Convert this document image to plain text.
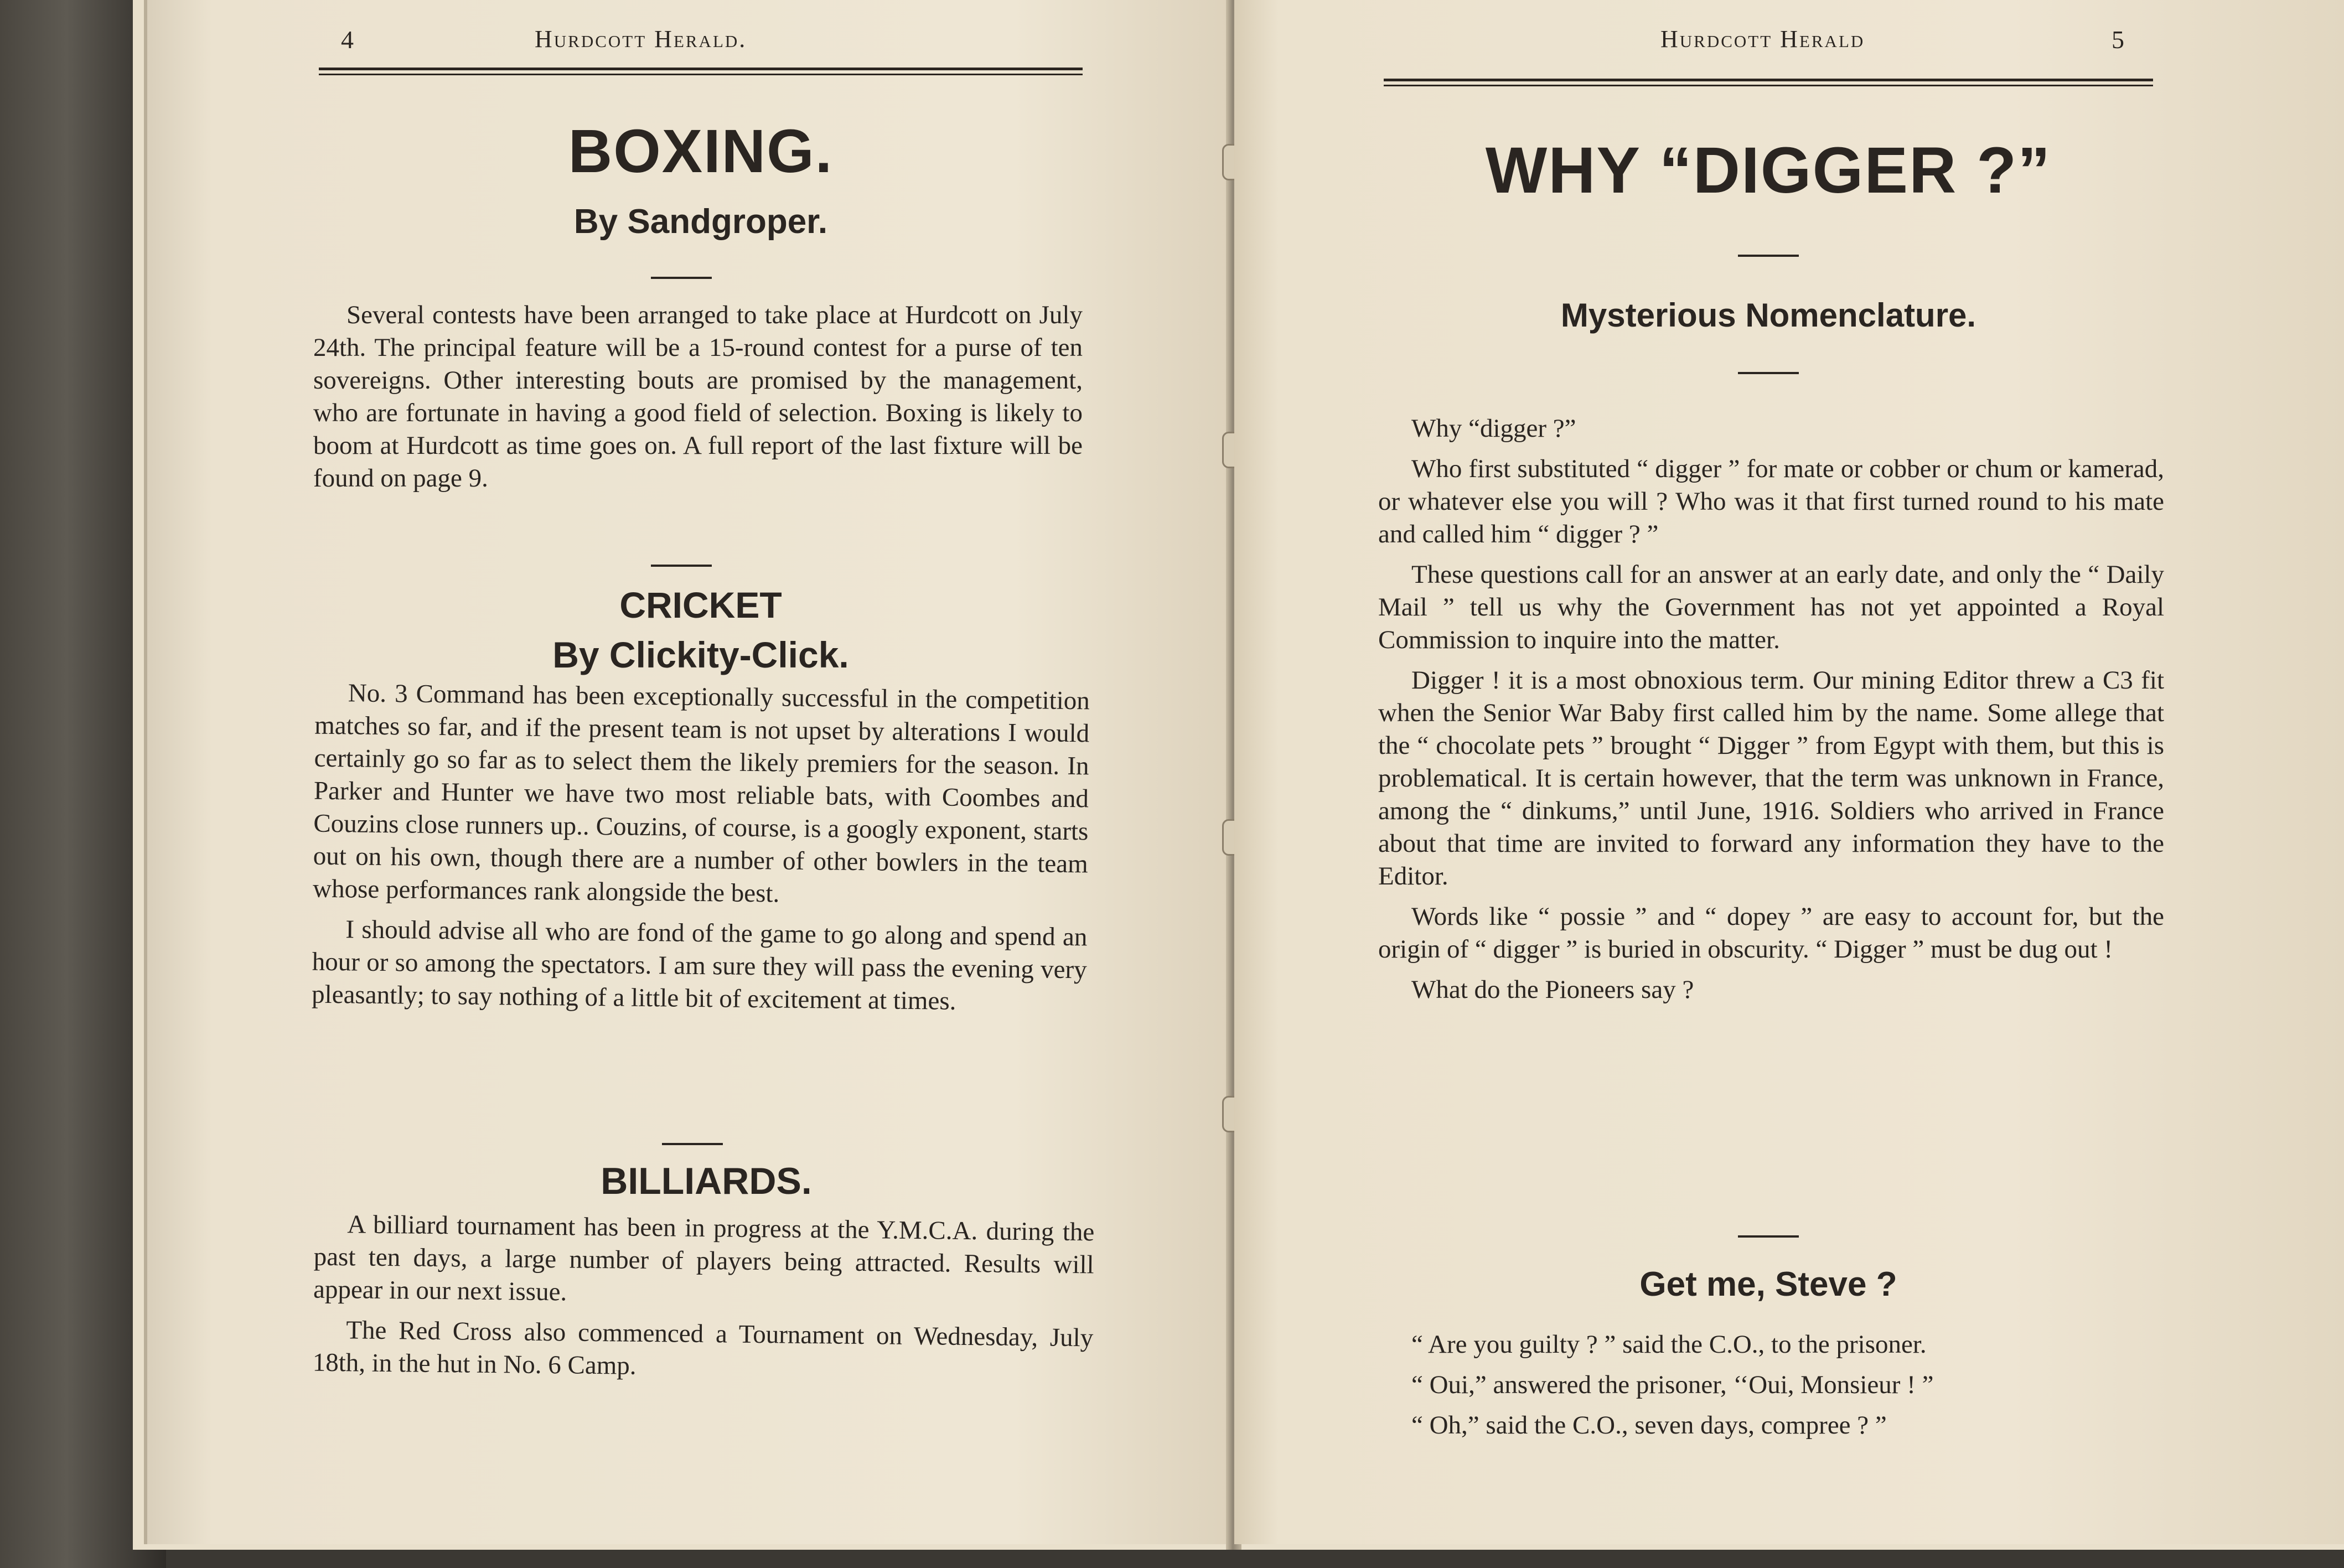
4	Hurdcott Herald.
BOXING.
By Sandgroper.

Several contests have been arranged to take place at Hurdcott on July 24th. The principal feature will be a 15-round contest for a purse of ten sovereigns. Other interesting bouts are promised by the management, who are fortunate in having a good field of selection. Boxing is likely to boom at Hurdcott as time goes on. A full report of the last fixture will be found on page 9.

CRICKET
By Clickity-Click.

No. 3 Command has been exceptionally successful in the competition matches so far, and if the present team is not upset by alterations I would certainly go so far as to select them the likely premiers for the season. In Parker and Hunter we have two most reliable bats, with Coombes and Couzins close runners up.. Couzins, of course, is a googly exponent, starts out on his own, though there are a number of other bowlers in the team whose performances rank alongside the best.

I should advise all who are fond of the game to go along and spend an hour or so among the spectators. I am sure they will pass the evening very pleasantly; to say nothing of a little bit of excitement at times.

BILLIARDS.

A billiard tournament has been in progress at the Y.M.C.A. during the past ten days, a large number of players being attracted. Results will appear in our next issue.

The Red Cross also commenced a Tournament on Wednesday, July 18th, in the hut in No. 6 Camp.

Hurdcott Herald	5
WHY “DIGGER ?”
Mysterious Nomenclature.

Why “digger ?”

Who first substituted “ digger ” for mate or cobber or chum or kamerad, or whatever else you will ? Who was it that first turned round to his mate and called him “ digger ? ”

These questions call for an answer at an early date, and only the “ Daily Mail ” tell us why the Government has not yet appointed a Royal Commission to inquire into the matter.

Digger ! it is a most obnoxious term. Our mining Editor threw a C3 fit when the Senior War Baby first called him by the name. Some allege that the “ chocolate pets ” brought “ Digger ” from Egypt with them, but this is problematical. It is certain however, that the term was unknown in France, among the “ dinkums,” until June, 1916. Soldiers who arrived in France about that time are invited to forward any information they have to the Editor.

Words like “ possie ” and “ dopey ” are easy to account for, but the origin of “ digger ” is buried in obscurity. “ Digger ” must be dug out !

What do the Pioneers say ?

Get me, Steve ?

“ Are you guilty ? ” said the C.O., to the prisoner.

“ Oui,” answered the prisoner, ‘‘Oui, Monsieur ! ”

“ Oh,” said the C.O., seven days, compree ? ”
